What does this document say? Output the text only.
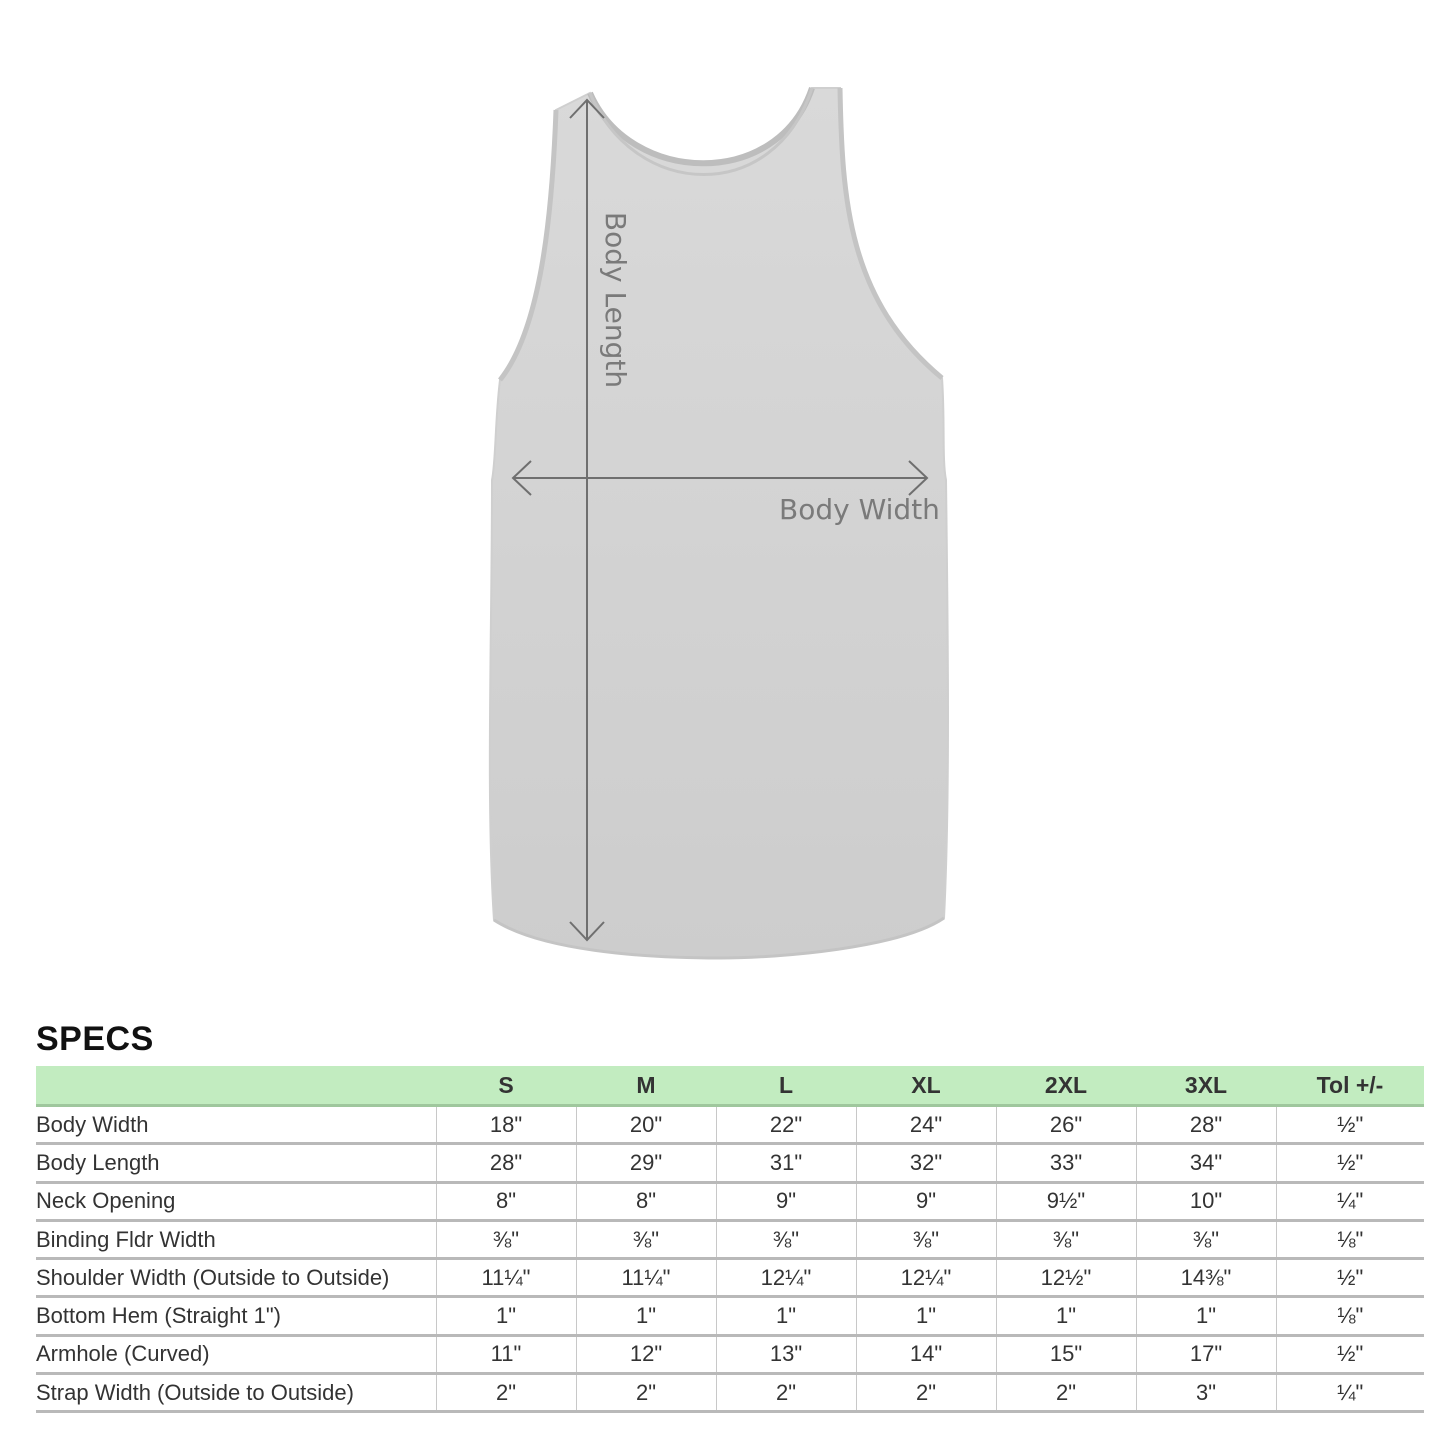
Body Length
Body Width
SPECS
	S	M	L	XL	2XL	3XL	Tol +/-
Body Width	18"	20"	22"	24"	26"	28"	½"
Body Length	28"	29"	31"	32"	33"	34"	½"
Neck Opening	8"	8"	9"	9"	9½"	10"	¼"
Binding Fldr Width	⅜"	⅜"	⅜"	⅜"	⅜"	⅜"	⅛"
Shoulder Width (Outside to Outside)	11¼"	11¼"	12¼"	12¼"	12½"	14⅜"	½"
Bottom Hem (Straight 1")	1"	1"	1"	1"	1"	1"	⅛"
Armhole (Curved)	11"	12"	13"	14"	15"	17"	½"
Strap Width (Outside to Outside)	2"	2"	2"	2"	2"	3"	¼"
